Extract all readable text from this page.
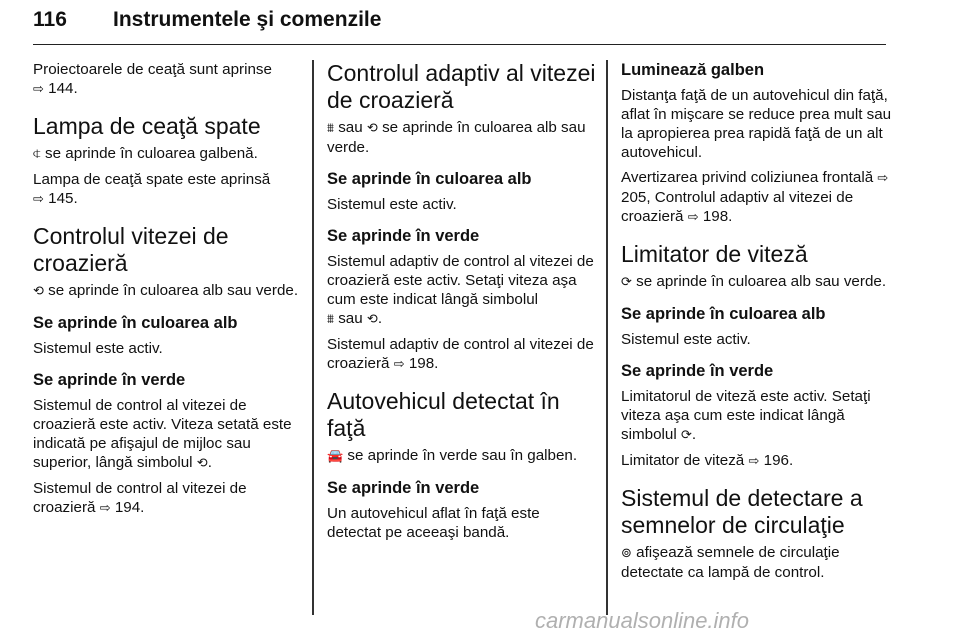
116 Instrumentele şi comenzile

Proiectoarele de ceaţă sunt aprinse
⇨ 144.

Lampa de ceaţă spate

⍧ se aprinde în culoarea galbenă.

Lampa de ceaţă spate este aprinsă
⇨ 145.

Controlul vitezei de croazieră

⟲ se aprinde în culoarea alb sau verde.

Se aprinde în culoarea alb

Sistemul este activ.

Se aprinde în verde

Sistemul de control al vitezei de croazieră este activ. Viteza setată este indicată pe afişajul de mijloc sau superior, lângă simbolul ⟲.

Sistemul de control al vitezei de croazieră ⇨ 194.

Controlul adaptiv al vitezei de croazieră

⩩ sau ⟲ se aprinde în culoarea alb sau verde.

Se aprinde în culoarea alb

Sistemul este activ.

Se aprinde în verde

Sistemul adaptiv de control al vitezei de croazieră este activ. Setaţi viteza aşa cum este indicat lângă simbolul
⩩ sau ⟲.

Sistemul adaptiv de control al vitezei de croazieră ⇨ 198.

Autovehicul detectat în faţă

🚘 se aprinde în verde sau în galben.

Se aprinde în verde

Un autovehicul aflat în faţă este detectat pe aceeaşi bandă.

Luminează galben

Distanţa faţă de un autovehicul din faţă, aflat în mişcare se reduce prea mult sau la apropierea prea rapidă faţă de un alt autovehicul.

Avertizarea privind coliziunea frontală ⇨ 205, Controlul adaptiv al vitezei de croazieră ⇨ 198.

Limitator de viteză

⟳ se aprinde în culoarea alb sau verde.

Se aprinde în culoarea alb

Sistemul este activ.

Se aprinde în verde

Limitatorul de viteză este activ. Setaţi viteza aşa cum este indicat lângă simbolul ⟳.

Limitator de viteză ⇨ 196.

Sistemul de detectare a semnelor de circulaţie

⊚ afişează semnele de circulaţie detectate ca lampă de control.

carmanualsonline.info
